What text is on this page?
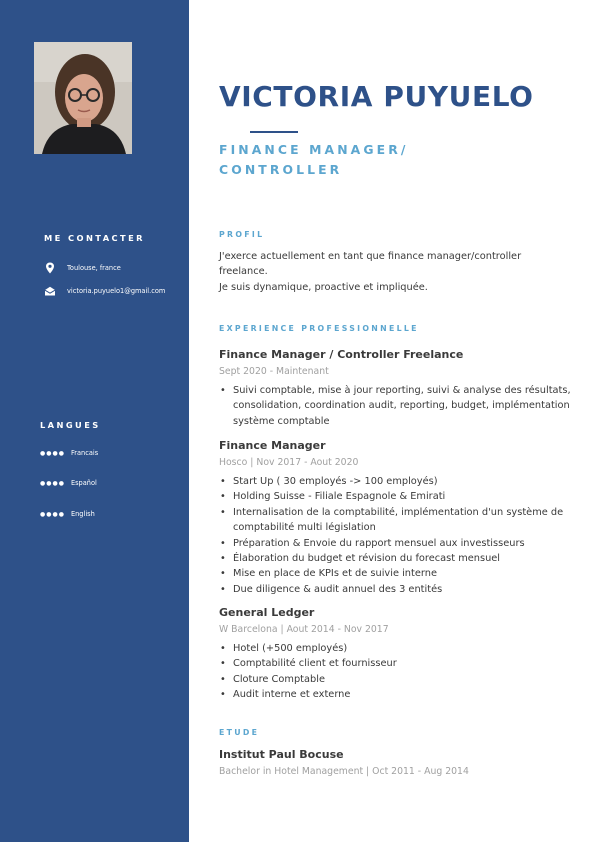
ME CONTACTER
Toulouse, france
victoria.puyuelo1@gmail.com
LANGUES
●●●● Francais
●●●● Español
●●●● English
VICTORIA PUYUELO
FINANCE MANAGER/
CONTROLLER
PROFIL
J'exerce actuellement en tant que finance manager/controller freelance.
Je suis dynamique, proactive et impliquée.
EXPERIENCE PROFESSIONNELLE
Finance Manager / Controller Freelance
Sept 2020 - Maintenant
• Suivi comptable, mise à jour reporting, suivi & analyse des résultats, consolidation, coordination audit, reporting, budget, implémentation système comptable
Finance Manager
Hosco | Nov 2017 - Aout 2020
• Start Up ( 30 employés -> 100 employés)
• Holding Suisse - Filiale Espagnole & Emirati
• Internalisation de la comptabilité, implémentation d'un système de comptabilité multi législation
• Préparation & Envoie du rapport mensuel aux investisseurs
• Élaboration du budget et révision du forecast mensuel
• Mise en place de KPIs et de suivie interne
• Due diligence & audit annuel des 3 entités
General Ledger
W Barcelona | Aout 2014 - Nov 2017
• Hotel (+500 employés)
• Comptabilité client et fournisseur
• Cloture Comptable
• Audit interne et externe
ETUDE
Institut Paul Bocuse
Bachelor in Hotel Management | Oct 2011 - Aug 2014
